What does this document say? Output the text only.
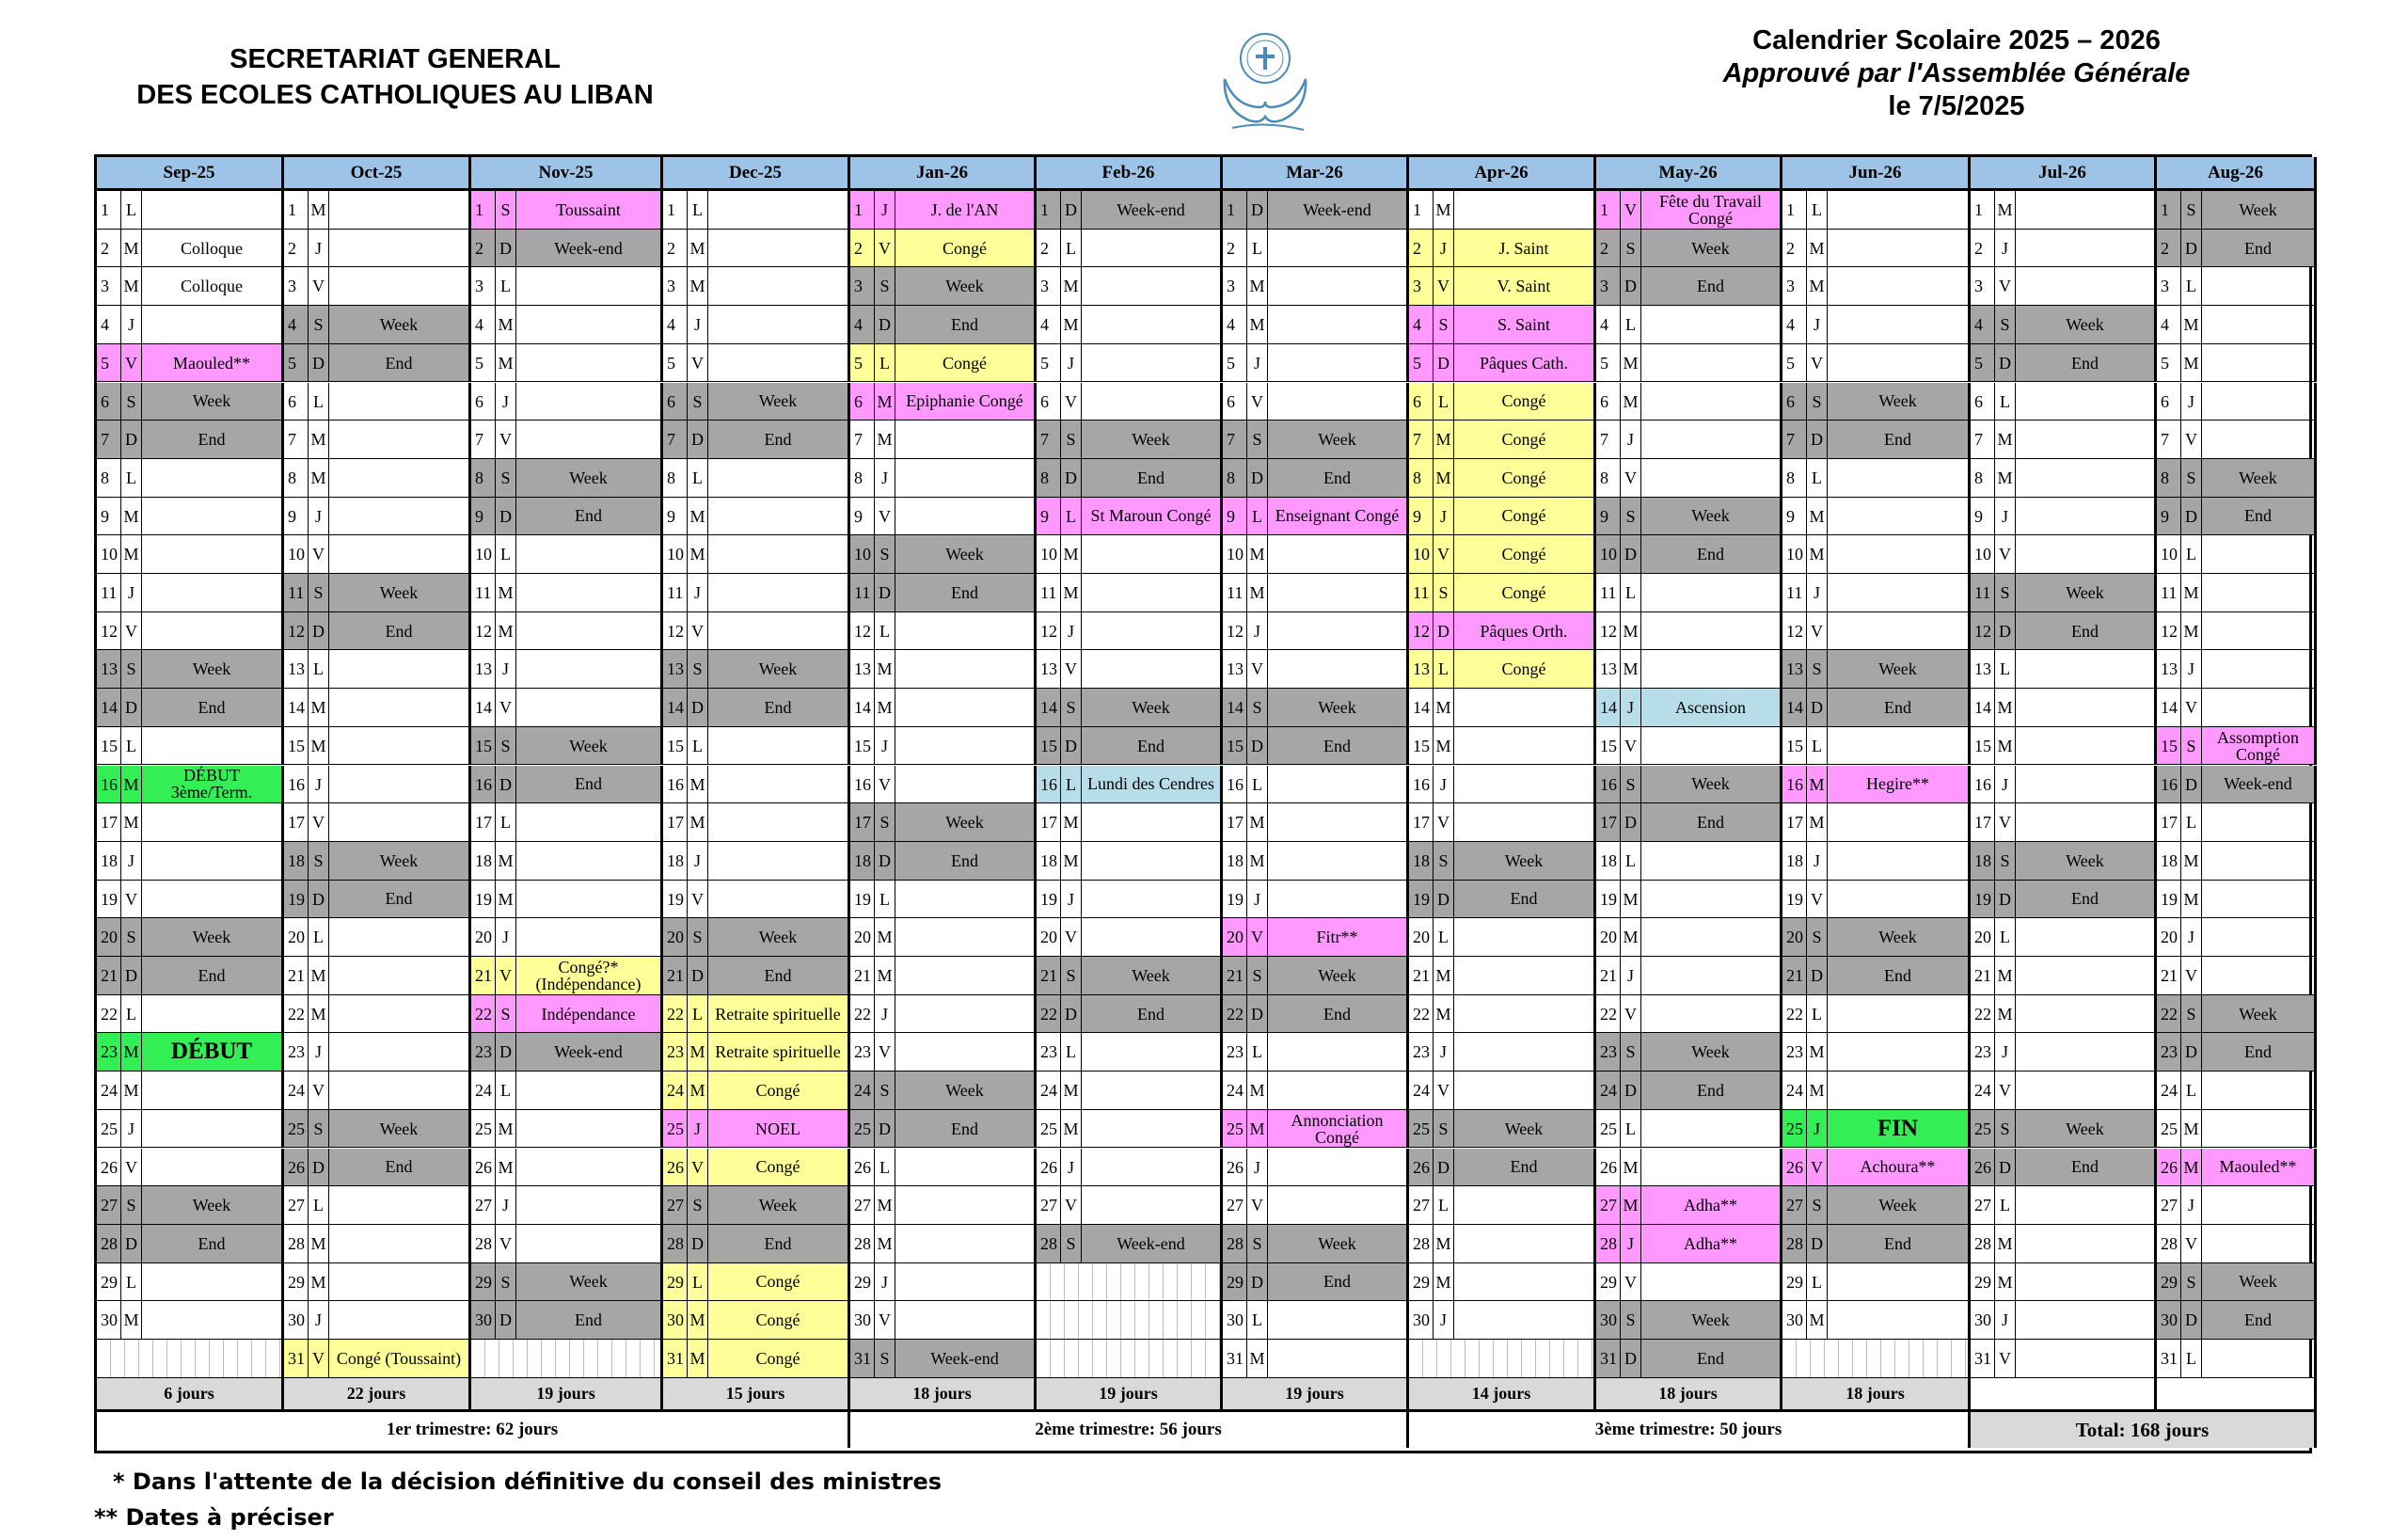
SECRETARIAT GENERAL
DES ECOLES CATHOLIQUES AU LIBAN
Calendrier Scolaire 2025 – 2026
Approuvé par l'Assemblée Générale
le 7/5/2025
Sep-25
1	L
2 M	Colloque
3 M	Colloque
4	J
5 V	Maouled**
6	S	Week
7 D	End
8	L
9 M
10 M
11 J
12 V
13 S	Week
14 D	End
15 L
16 M	DÉBUT 3ème/Term.
17 M
18 J
19 V
20 S	Week
21 D	End
22 L
23 M	DÉBUT
24 M
25 J
26 V
27 S	Week
28 D	End
29 L
30 M
6 jours
Oct-25
1 M
2	J
3 V
4	S	Week
5 D	End
6	L
7 M
8 M
9	J
10 V
11 S	Week
12 D	End
13 L
14 M
15 M
16 J
17 V
18 S	Week
19 D	End
20 L
21 M
22 M
23 J
24 V
25 S	Week
26 D	End
27 L
28 M
29 M
30 J
31 V Congé (Toussaint)
22 jours
Nov-25
1	S	Toussaint
2 D	Week-end
3	L
4 M
5 M
6	J
7 V
8	S	Week
9 D	End
10 L
11 M
12 M
13 J
14 V
15 S	Week
16 D	End
17 L
18 M
19 M
20 J
21 V	Congé?* (Indépendance)
22 S	Indépendance
23 D	Week-end
24 L
25 M
26 M
27 J
28 V
29 S	Week
30 D	End
19 jours
Dec-25
1	L
2 M
3 M
4	J
5 V
6	S	Week
7 D	End
8	L
9 M
10 M
11 J
12 V
13 S	Week
14 D	End
15 L
16 M
17 M
18 J
19 V
20 S	Week
21 D	End
22 L Retraite spirituelle
23 M Retraite spirituelle
24 M	Congé
25 J	NOEL
26 V	Congé
27 S	Week
28 D	End
29 L	Congé
30 M	Congé
31 M	Congé
15 jours
Jan-26
1	J	J. de l'AN
2 V	Congé
3	S	Week
4 D	End
5	L	Congé
6 M Epiphanie Congé
7 M
8	J
9 V
10 S	Week
11 D	End
12 L
13 M
14 M
15 J
16 V
17 S	Week
18 D	End
19 L
20 M
21 M
22 J
23 V
24 S	Week
25 D	End
26 L
27 M
28 M
29 J
30 V
31 S	Week-end
18 jours
Feb-26
1 D	Week-end
2	L
3 M
4 M
5	J
6 V
7	S	Week
8 D	End
9	L St Maroun Congé
10 M
11 M
12 J
13 V
14 S	Week
15 D	End
16 L Lundi des Cendres
17 M
18 M
19 J
20 V
21 S	Week
22 D	End
23 L
24 M
25 M
26 J
27 V
28 S	Week-end
19 jours
Mar-26
1 D	Week-end
2	L
3 M
4 M
5	J
6 V
7	S	Week
8 D	End
9	L Enseignant Congé
10 M
11 M
12 J
13 V
14 S	Week
15 D	End
16 L
17 M
18 M
19 J
20 V	Fitr**
21 S	Week
22 D	End
23 L
24 M
25 M	Annonciation Congé
26 J
27 V
28 S	Week
29 D	End
30 L
31 M
19 jours
Apr-26
1 M
2	J	J. Saint
3 V	V. Saint
4	S	S. Saint
5 D	Pâques Cath.
6	L	Congé
7 M	Congé
8 M	Congé
9	J	Congé
10 V	Congé
11 S	Congé
12 D	Pâques Orth.
13 L	Congé
14 M
15 M
16 J
17 V
18 S	Week
19 D	End
20 L
21 M
22 M
23 J
24 V
25 S	Week
26 D	End
27 L
28 M
29 M
30 J
14 jours
May-26
1 V	Fête du Travail Congé
2	S	Week
3 D	End
4	L
5 M
6 M
7	J
8 V
9	S	Week
10 D	End
11 L
12 M
13 M
14 J	Ascension
15 V
16 S	Week
17 D	End
18 L
19 M
20 M
21 J
22 V
23 S	Week
24 D	End
25 L
26 M
27 M	Adha**
28 J	Adha**
29 V
30 S	Week
31 D	End
18 jours
Jun-26
1	L
2 M
3 M
4	J
5 V
6	S	Week
7 D	End
8	L
9 M
10 M
11 J
12 V
13 S	Week
14 D	End
15 L
16 M	Hegire**
17 M
18 J
19 V
20 S	Week
21 D	End
22 L
23 M
24 M
25 J	FIN
26 V	Achoura**
27 S	Week
28 D	End
29 L
30 M
18 jours
Jul-26
1 M
2	J
3 V
4	S	Week
5 D	End
6	L
7 M
8 M
9	J
10 V
11 S	Week
12 D	End
13 L
14 M
15 M
16 J
17 V
18 S	Week
19 D	End
20 L
21 M
22 M
23 J
24 V
25 S	Week
26 D	End
27 L
28 M
29 M
30 J
31 V
Aug-26
1	S	Week
2 D	End
3	L
4 M
5 M
6	J
7 V
8	S	Week
9 D	End
10 L
11 M
12 M
13 J
14 V
15 S	Assomption Congé
16 D	Week-end
17 L
18 M
19 M
20 J
21 V
22 S	Week
23 D	End
24 L
25 M
26 M	Maouled**
27 J
28 V
29 S	Week
30 D	End
31 L
1er trimestre: 62 jours	2ème trimestre: 56 jours	3ème trimestre: 50 jours	Total: 168 jours
* Dans l'attente de la décision définitive du conseil des ministres
** Dates à préciser
